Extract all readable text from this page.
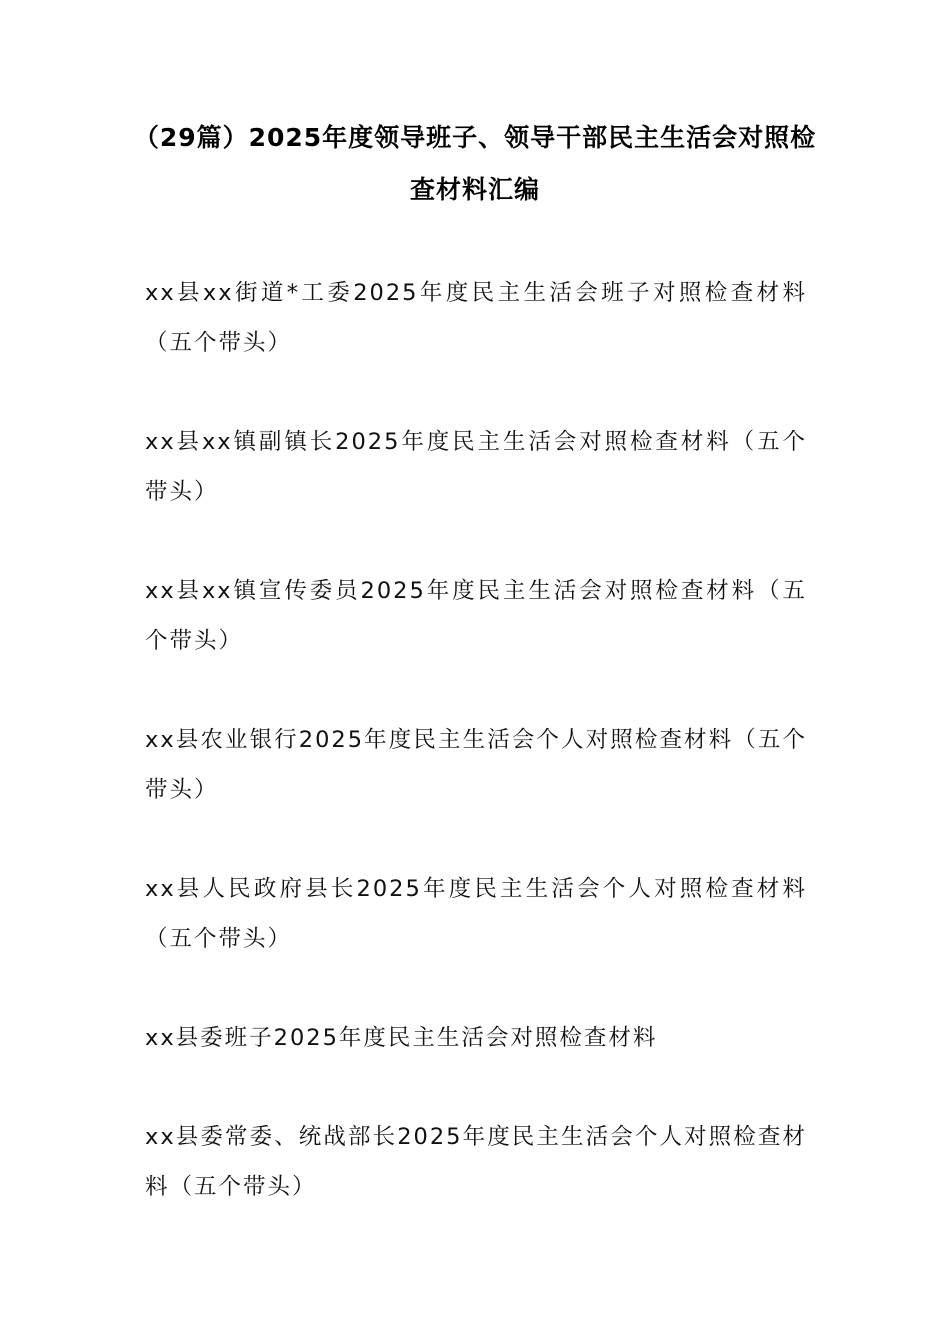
（29篇）2025年度领导班子、领导干部民主生活会对照检查材料汇编

xx县xx街道*工委2025年度民主生活会班子对照检查材料（五个带头）

xx县xx镇副镇长2025年度民主生活会对照检查材料（五个带头）

xx县xx镇宣传委员2025年度民主生活会对照检查材料（五个带头）

xx县农业银行2025年度民主生活会个人对照检查材料（五个带头）

xx县人民政府县长2025年度民主生活会个人对照检查材料（五个带头）

xx县委班子2025年度民主生活会对照检查材料

xx县委常委、统战部长2025年度民主生活会个人对照检查材料（五个带头）
